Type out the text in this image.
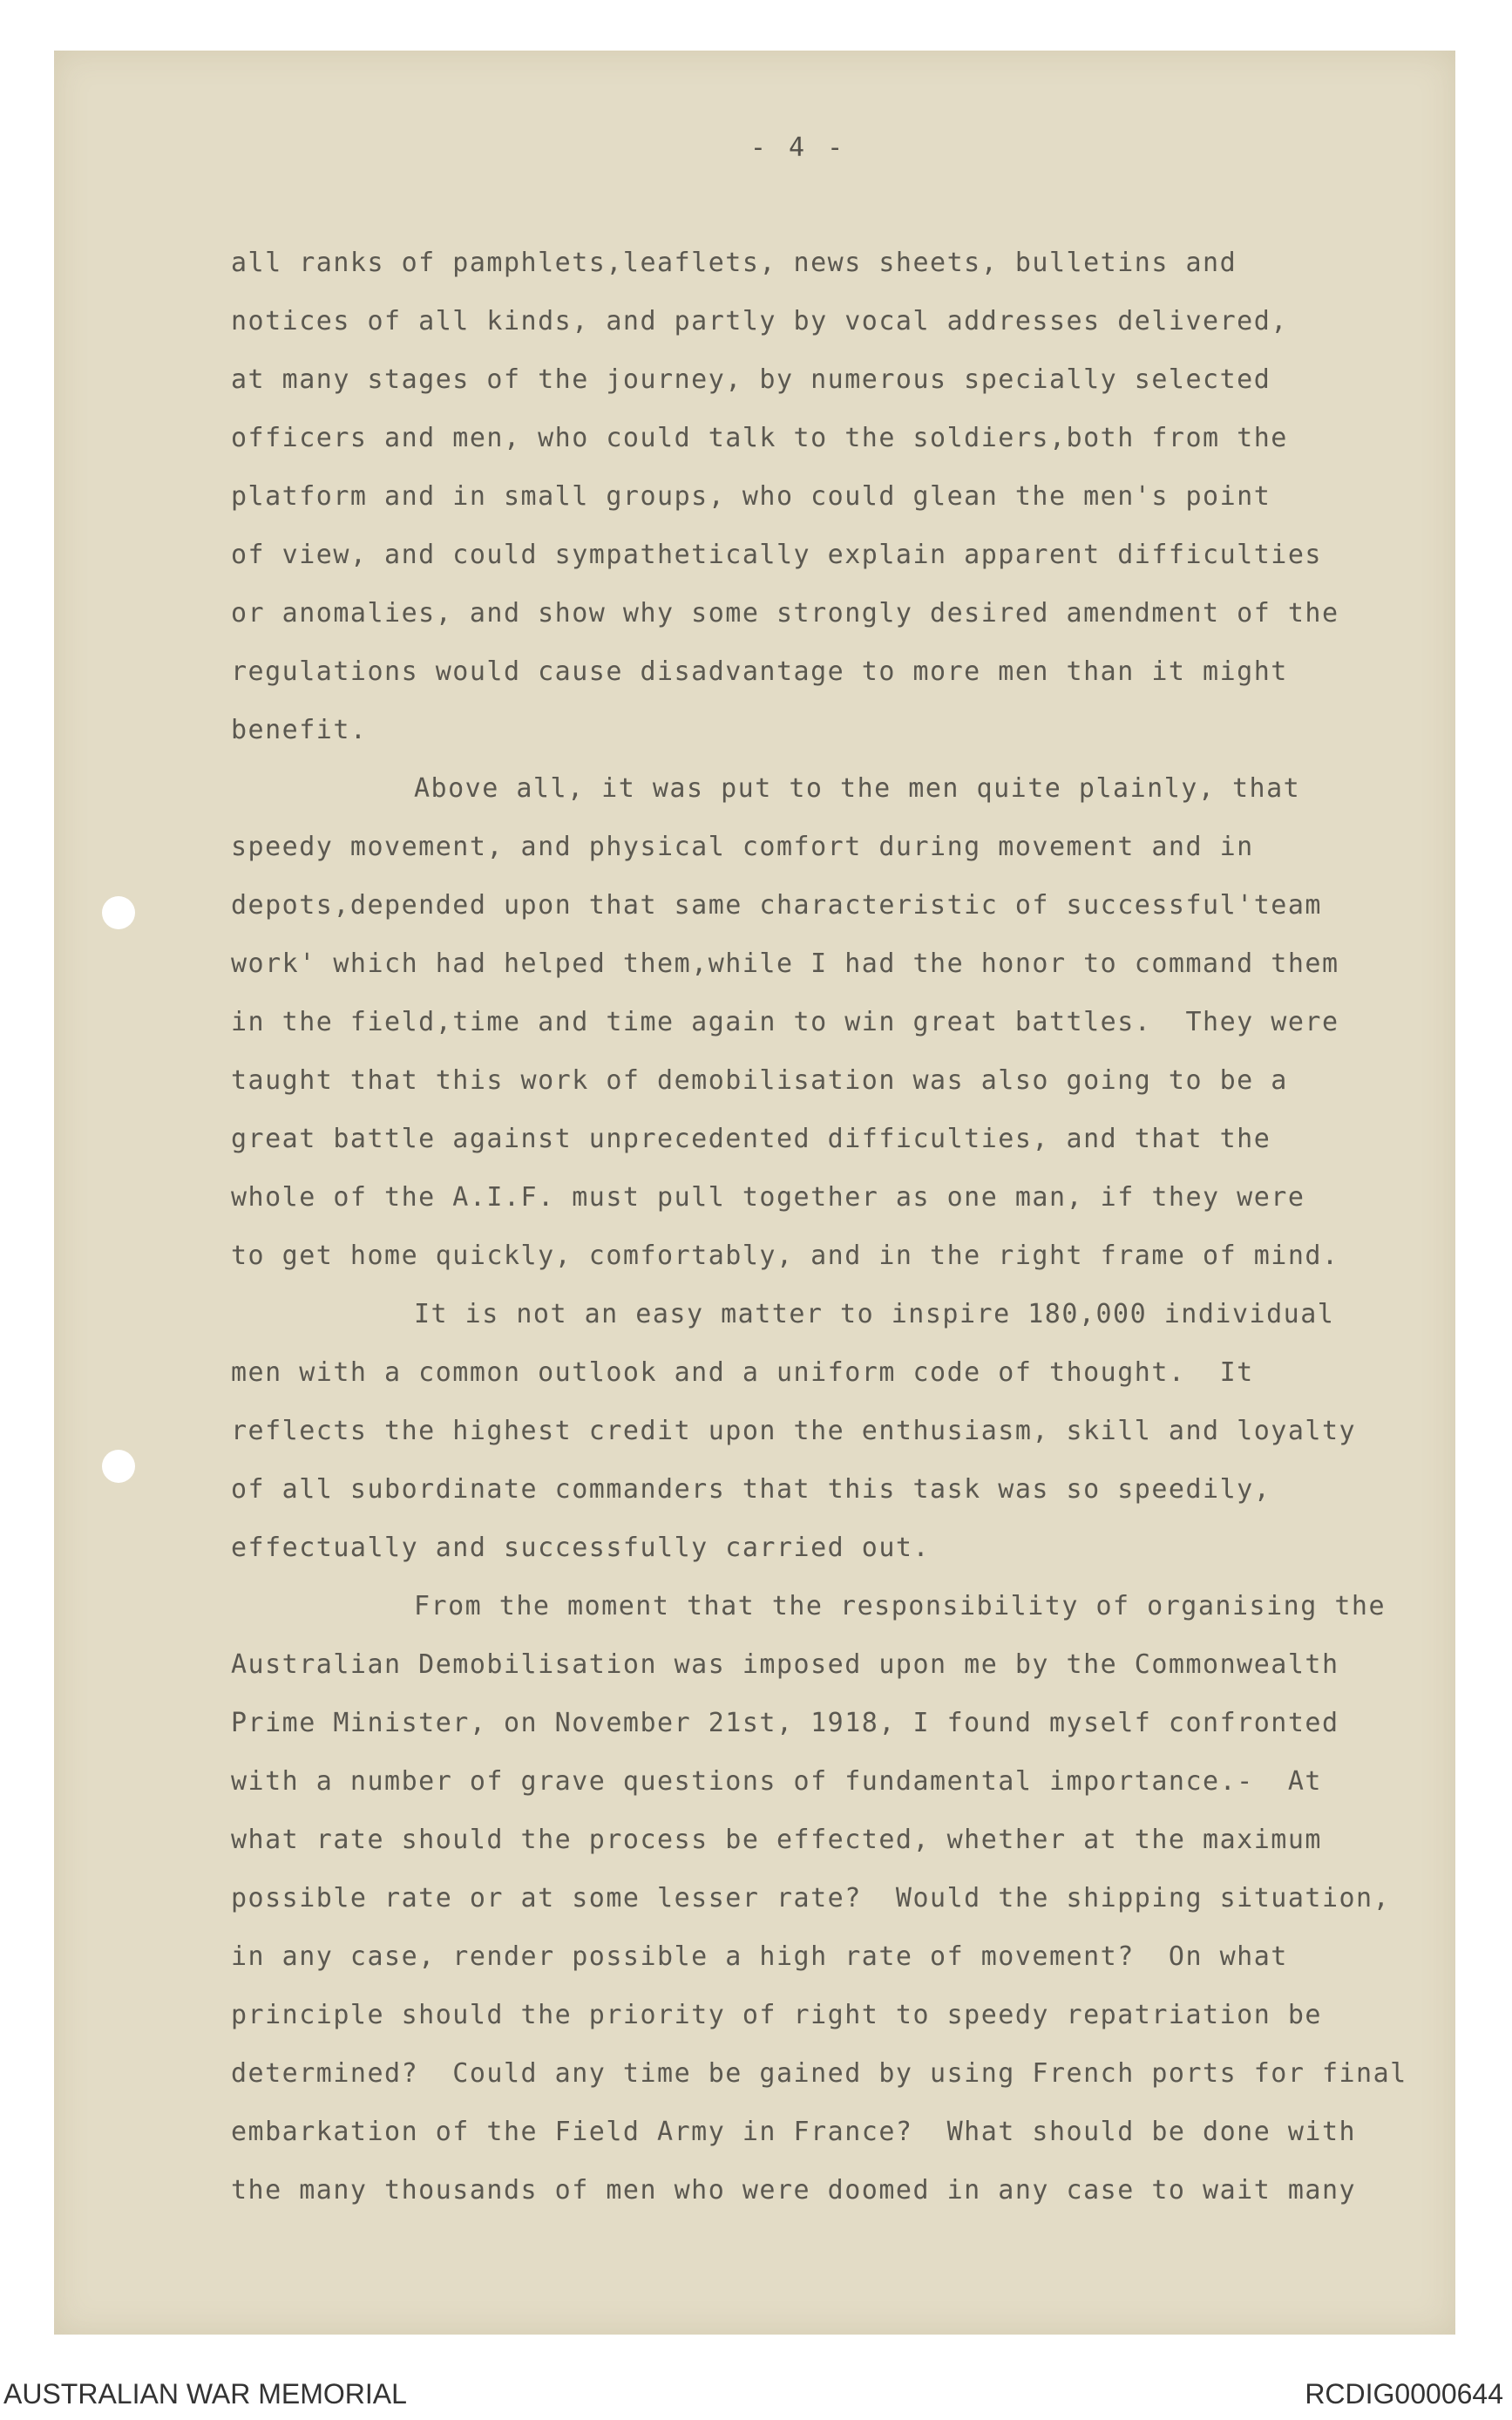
- 4 -
all ranks of pamphlets,leaflets, news sheets, bulletins and
notices of all kinds, and partly by vocal addresses delivered,
at many stages of the journey, by numerous specially selected
officers and men, who could talk to the soldiers,both from the
platform and in small groups, who could glean the men's point
of view, and could sympathetically explain apparent difficulties
or anomalies, and show why some strongly desired amendment of the
regulations would cause disadvantage to more men than it might
benefit.
Above all, it was put to the men quite plainly, that
speedy movement, and physical comfort during movement and in
depots,depended upon that same characteristic of successful'team
work' which had helped them,while I had the honor to command them
in the field,time and time again to win great battles.  They were
taught that this work of demobilisation was also going to be a
great battle against unprecedented difficulties, and that the
whole of the A.I.F. must pull together as one man, if they were
to get home quickly, comfortably, and in the right frame of mind.
It is not an easy matter to inspire 180,000 individual
men with a common outlook and a uniform code of thought.  It
reflects the highest credit upon the enthusiasm, skill and loyalty
of all subordinate commanders that this task was so speedily,
effectually and successfully carried out.
From the moment that the responsibility of organising the
Australian Demobilisation was imposed upon me by the Commonwealth
Prime Minister, on November 21st, 1918, I found myself confronted
with a number of grave questions of fundamental importance.-  At
what rate should the process be effected, whether at the maximum
possible rate or at some lesser rate?  Would the shipping situation,
in any case, render possible a high rate of movement?  On what
principle should the priority of right to speedy repatriation be
determined?  Could any time be gained by using French ports for final
embarkation of the Field Army in France?  What should be done with
the many thousands of men who were doomed in any case to wait many
AUSTRALIAN WAR MEMORIAL	RCDIG0000644
